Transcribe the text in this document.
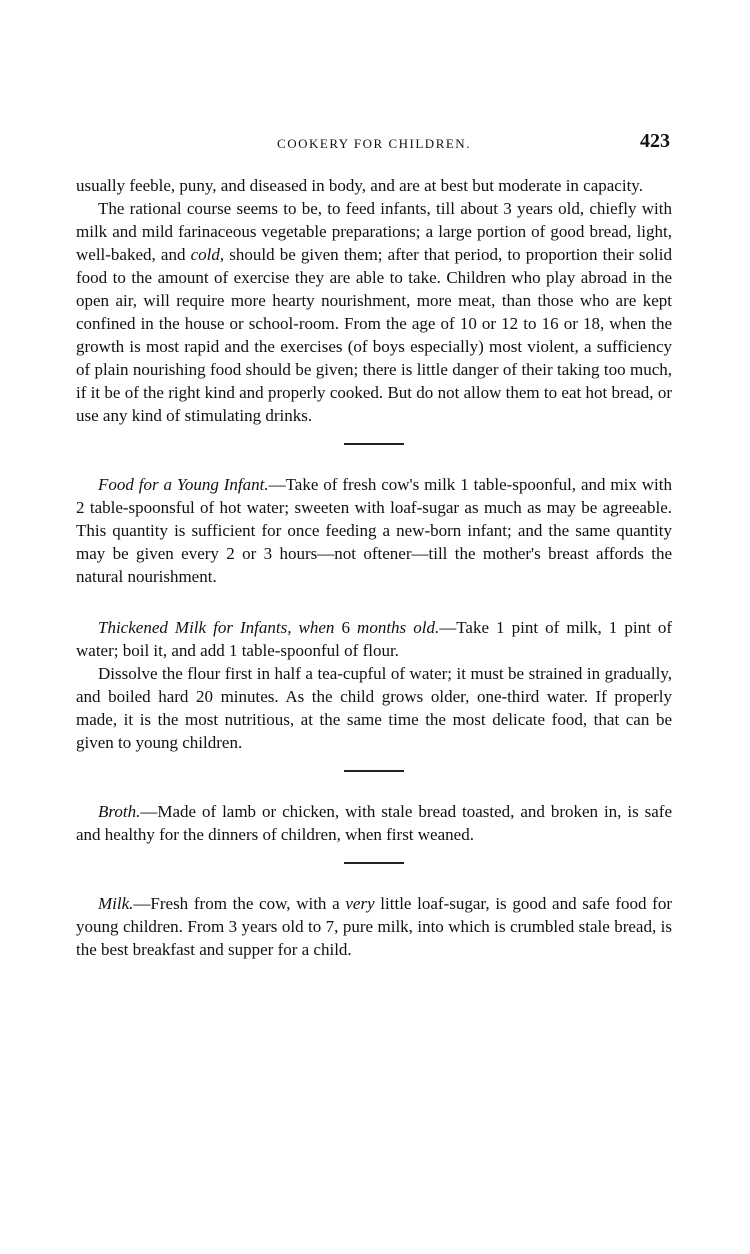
COOKERY FOR CHILDREN.	423

usually feeble, puny, and diseased in body, and are at best but moderate in capacity.

The rational course seems to be, to feed infants, till about 3 years old, chiefly with milk and mild farinaceous vegetable preparations; a large portion of good bread, light, well-baked, and cold, should be given them; after that period, to proportion their solid food to the amount of exercise they are able to take. Children who play abroad in the open air, will require more hearty nourishment, more meat, than those who are kept confined in the house or school-room. From the age of 10 or 12 to 16 or 18, when the growth is most rapid and the exercises (of boys especially) most violent, a sufficiency of plain nourishing food should be given; there is little danger of their taking too much, if it be of the right kind and properly cooked. But do not allow them to eat hot bread, or use any kind of stimulating drinks.

Food for a Young Infant.—Take of fresh cow's milk 1 table-spoonful, and mix with 2 table-spoonsful of hot water; sweeten with loaf-sugar as much as may be agreeable. This quantity is sufficient for once feeding a new-born infant; and the same quantity may be given every 2 or 3 hours—not oftener—till the mother's breast affords the natural nourishment.

Thickened Milk for Infants, when 6 months old.—Take 1 pint of milk, 1 pint of water; boil it, and add 1 table-spoonful of flour.

Dissolve the flour first in half a tea-cupful of water; it must be strained in gradually, and boiled hard 20 minutes. As the child grows older, one-third water. If properly made, it is the most nutritious, at the same time the most delicate food, that can be given to young children.

Broth.—Made of lamb or chicken, with stale bread toasted, and broken in, is safe and healthy for the dinners of children, when first weaned.

Milk.—Fresh from the cow, with a very little loaf-sugar, is good and safe food for young children. From 3 years old to 7, pure milk, into which is crumbled stale bread, is the best breakfast and supper for a child.
